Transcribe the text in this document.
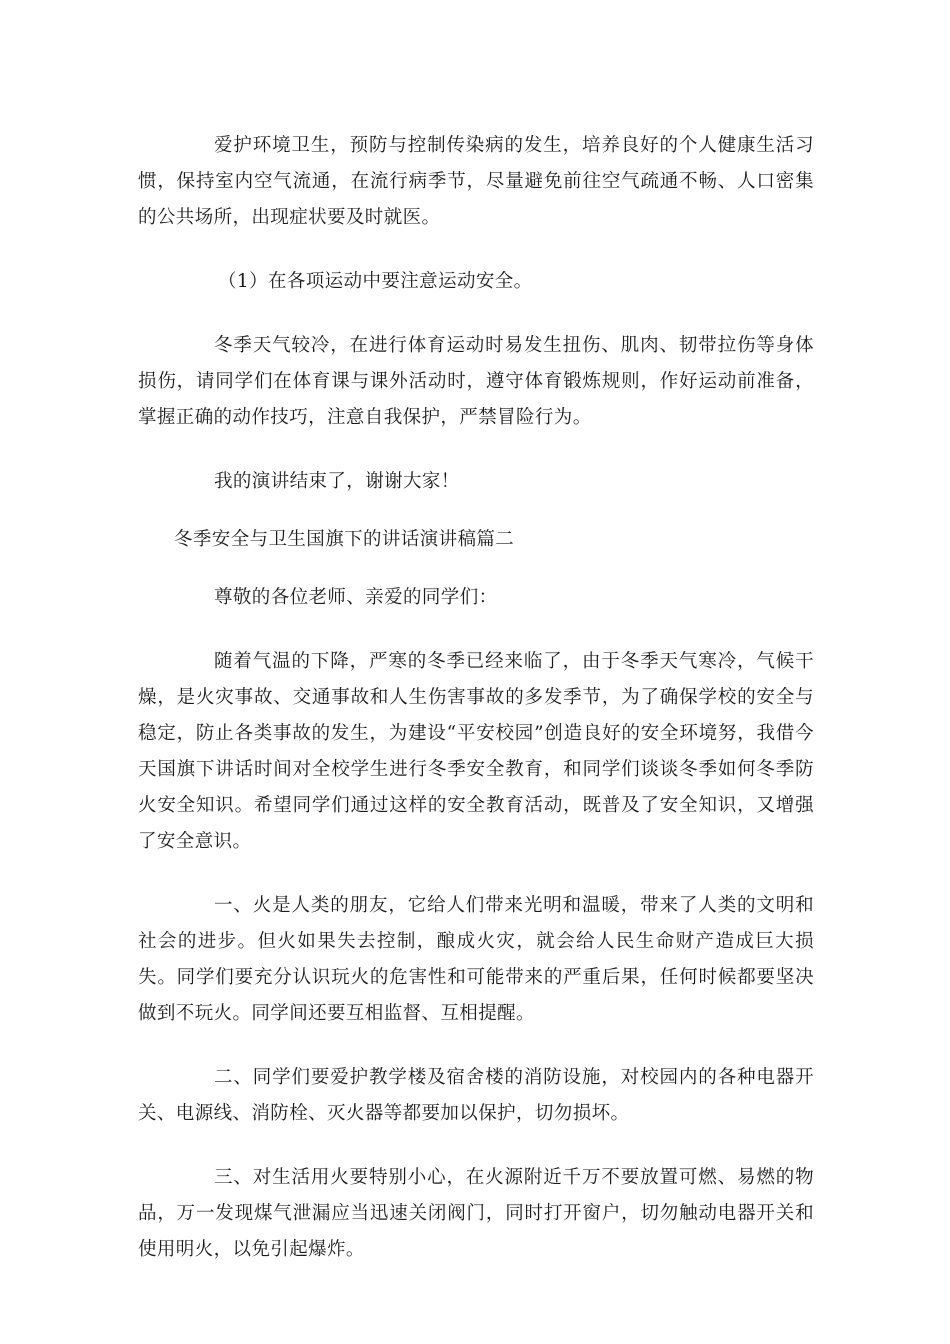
爱护环境卫生，预防与控制传染病的发生，培养良好的个人健康生活习惯，保持室内空气流通，在流行病季节，尽量避免前往空气疏通不畅、人口密集的公共场所，出现症状要及时就医。

（1）在各项运动中要注意运动安全。

冬季天气较冷，在进行体育运动时易发生扭伤、肌肉、韧带拉伤等身体损伤，请同学们在体育课与课外活动时，遵守体育锻炼规则，作好运动前准备，掌握正确的动作技巧，注意自我保护，严禁冒险行为。

我的演讲结束了，谢谢大家！

冬季安全与卫生国旗下的讲话演讲稿篇二

尊敬的各位老师、亲爱的同学们：

随着气温的下降，严寒的冬季已经来临了，由于冬季天气寒冷，气候干燥，是火灾事故、交通事故和人生伤害事故的多发季节，为了确保学校的安全与稳定，防止各类事故的发生，为建设“平安校园”创造良好的安全环境努，我借今天国旗下讲话时间对全校学生进行冬季安全教育，和同学们谈谈冬季如何冬季防火安全知识。希望同学们通过这样的安全教育活动，既普及了安全知识，又增强了安全意识。

一、火是人类的朋友，它给人们带来光明和温暖，带来了人类的文明和社会的进步。但火如果失去控制，酿成火灾，就会给人民生命财产造成巨大损失。同学们要充分认识玩火的危害性和可能带来的严重后果，任何时候都要坚决做到不玩火。同学间还要互相监督、互相提醒。

二、同学们要爱护教学楼及宿舍楼的消防设施，对校园内的各种电器开关、电源线、消防栓、灭火器等都要加以保护，切勿损坏。

三、对生活用火要特别小心，在火源附近千万不要放置可燃、易燃的物品，万一发现煤气泄漏应当迅速关闭阀门，同时打开窗户，切勿触动电器开关和使用明火，以免引起爆炸。
